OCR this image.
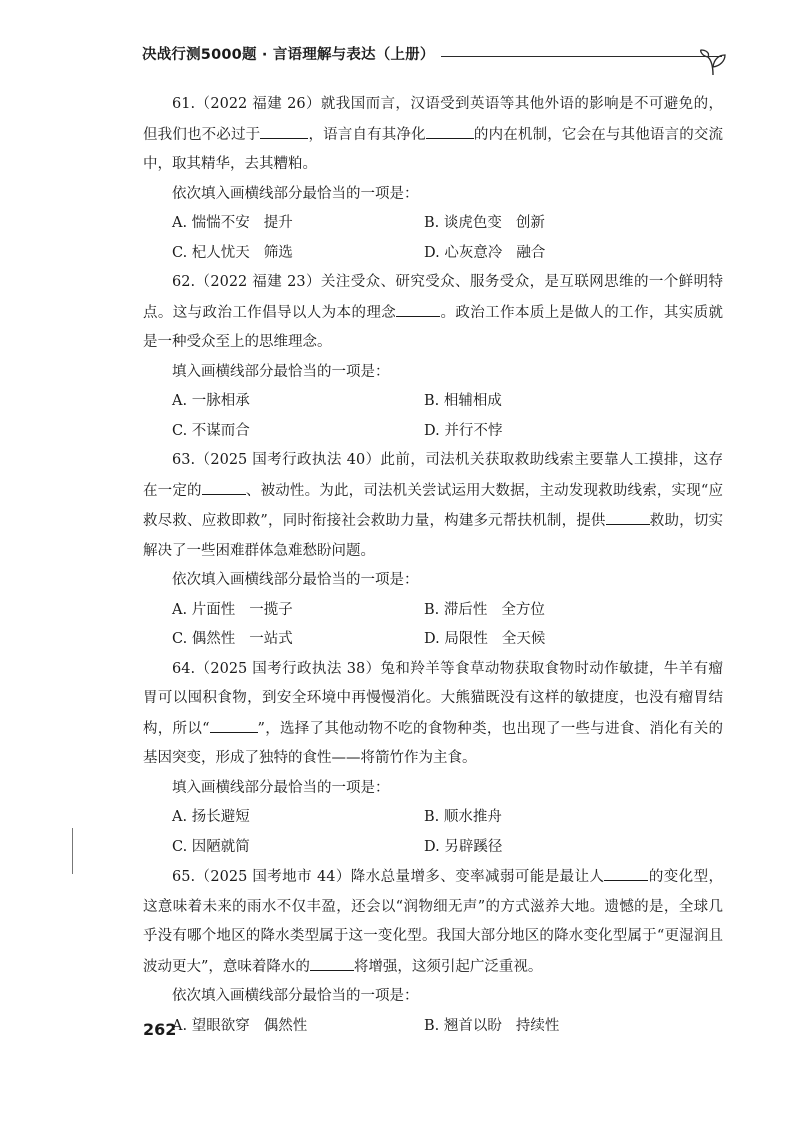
决战行测5000题 · 言语理解与表达（上册）

61.（2022 福建 26）就我国而言，汉语受到英语等其他外语的影响是不可避免的，但我们也不必过于	，语言自有其净化	的内在机制，它会在与其他语言的交流中，取其精华，去其糟粕。

依次填入画横线部分最恰当的一项是：

A. 惴惴不安 提升	B. 谈虎色变 创新
C. 杞人忧天 筛选	D. 心灰意冷 融合

62.（2022 福建 23）关注受众、研究受众、服务受众，是互联网思维的一个鲜明特点。这与政治工作倡导以人为本的理念	。政治工作本质上是做人的工作，其实质就是一种受众至上的思维理念。

填入画横线部分最恰当的一项是：

A. 一脉相承	B. 相辅相成
C. 不谋而合	D. 并行不悖

63.（2025 国考行政执法 40）此前，司法机关获取救助线索主要靠人工摸排，这存在一定的	、被动性。为此，司法机关尝试运用大数据，主动发现救助线索，实现“应救尽救、应救即救”，同时衔接社会救助力量，构建多元帮扶机制，提供	救助，切实解决了一些困难群体急难愁盼问题。

依次填入画横线部分最恰当的一项是：

A. 片面性 一揽子	B. 滞后性 全方位
C. 偶然性 一站式	D. 局限性 全天候

64.（2025 国考行政执法 38）兔和羚羊等食草动物获取食物时动作敏捷，牛羊有瘤胃可以囤积食物，到安全环境中再慢慢消化。大熊猫既没有这样的敏捷度，也没有瘤胃结构，所以“	”，选择了其他动物不吃的食物种类，也出现了一些与进食、消化有关的基因突变，形成了独特的食性——将箭竹作为主食。

填入画横线部分最恰当的一项是：

A. 扬长避短	B. 顺水推舟
C. 因陋就简	D. 另辟蹊径

65.（2025 国考地市 44）降水总量增多、变率减弱可能是最让人	的变化型，这意味着未来的雨水不仅丰盈，还会以“润物细无声”的方式滋养大地。遗憾的是，全球几乎没有哪个地区的降水类型属于这一变化型。我国大部分地区的降水变化型属于“更湿润且波动更大”，意味着降水的	将增强，这须引起广泛重视。

依次填入画横线部分最恰当的一项是：

A. 望眼欲穿 偶然性	B. 翘首以盼 持续性
262
